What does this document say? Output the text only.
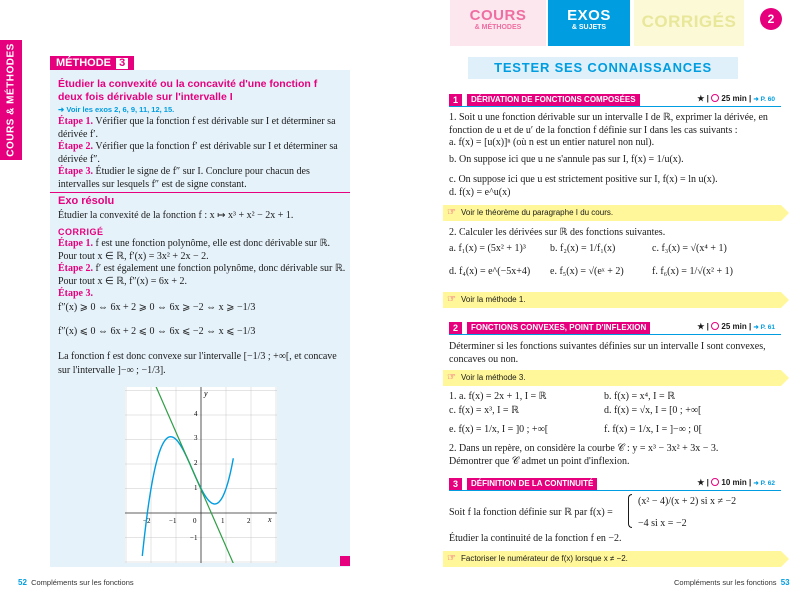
COURS & MÉTHODES
COURS
& MÉTHODES
EXOS
& SUJETS	CORRIGÉS	2
MÉTHODE 3
Étudier la convexité ou la concavité d'une fonction f deux fois dérivable sur l'intervalle I
➜ Voir les exos 2, 6, 9, 11, 12, 15.
Étape 1. Vérifier que la fonction f est dérivable sur I et déterminer sa dérivée f′.
Étape 2. Vérifier que la fonction f′ est dérivable sur I et déterminer sa dérivée f″.
Étape 3. Étudier le signe de f″ sur I. Conclure pour chacun des intervalles sur lesquels f″ est de signe constant.
Exo résolu
Étudier la convexité de la fonction f : x ↦ x³ + x² − 2x + 1.
CORRIGÉ
Étape 1. f est une fonction polynôme, elle est donc dérivable sur ℝ.
Pour tout x ∈ ℝ, f′(x) = 3x² + 2x − 2.
Étape 2. f′ est également une fonction polynôme, donc dérivable sur ℝ.
Pour tout x ∈ ℝ, f″(x) = 6x + 2.
Étape 3.
f″(x) ⩾ 0 ⇔ 6x + 2 ⩾ 0 ⇔ 6x ⩾ −2 ⇔ x ⩾ −1/3
f″(x) ⩽ 0 ⇔ 6x + 2 ⩽ 0 ⇔ 6x ⩽ −2 ⇔ x ⩽ −1/3
La fonction f est donc convexe sur l'intervalle [−1/3 ; +∞[, et concave sur l'intervalle ]−∞ ; −1/3].
x
y
−2	−1 0	1	2
4
3
2
1
−1
52 Compléments sur les fonctions	Compléments sur les fonctions 53
TESTER SES CONNAISSANCES
1	DÉRIVATION DE FONCTIONS COMPOSÉES	★ |  25 min | ➜ P. 60
1. Soit u une fonction dérivable sur un intervalle I de ℝ, exprimer la dérivée, en fonction de u et de u′ de la fonction f définie sur I dans les cas suivants :
a. f(x) = [u(x)]ⁿ (où n est un entier naturel non nul).
b. On suppose ici que u ne s'annule pas sur I, f(x) = 1/u(x).
c. On suppose ici que u est strictement positive sur I, f(x) = ln u(x).
d. f(x) = e^u(x)
☞ Voir le théorème du paragraphe I du cours.
2. Calculer les dérivées sur ℝ des fonctions suivantes.
a. f₁(x) = (5x² + 1)³	b. f₂(x) = 1/f₁(x)	c. f₃(x) = √(x⁴ + 1)
d. f₄(x) = e^(−5x+4)	e. f₅(x) = √(eˣ + 2)	f. f₆(x) = 1/√(x² + 1)
☞ Voir la méthode 1.
2	FONCTIONS CONVEXES, POINT D'INFLEXION	★ |  25 min | ➜ P. 61
Déterminer si les fonctions suivantes définies sur un intervalle I sont convexes, concaves ou non.
☞ Voir la méthode 3.
1. a. f(x) = 2x + 1, I = ℝ	b. f(x) = x⁴, I = ℝ
c. f(x) = x³, I = ℝ	d. f(x) = √x, I = [0 ; +∞[
e. f(x) = 1/x, I = ]0 ; +∞[	f. f(x) = 1/x, I = ]−∞ ; 0[
2. Dans un repère, on considère la courbe 𝒞 : y = x³ − 3x² + 3x − 3.
Démontrer que 𝒞 admet un point d'inflexion.
3	DÉFINITION DE LA CONTINUITÉ	★ |  10 min | ➜ P. 62
Soit f la fonction définie sur ℝ par f(x) =
(x² − 4)/(x + 2) si x ≠ −2
−4 si x = −2
Étudier la continuité de la fonction f en −2.
☞ Factoriser le numérateur de f(x) lorsque x ≠ −2.
